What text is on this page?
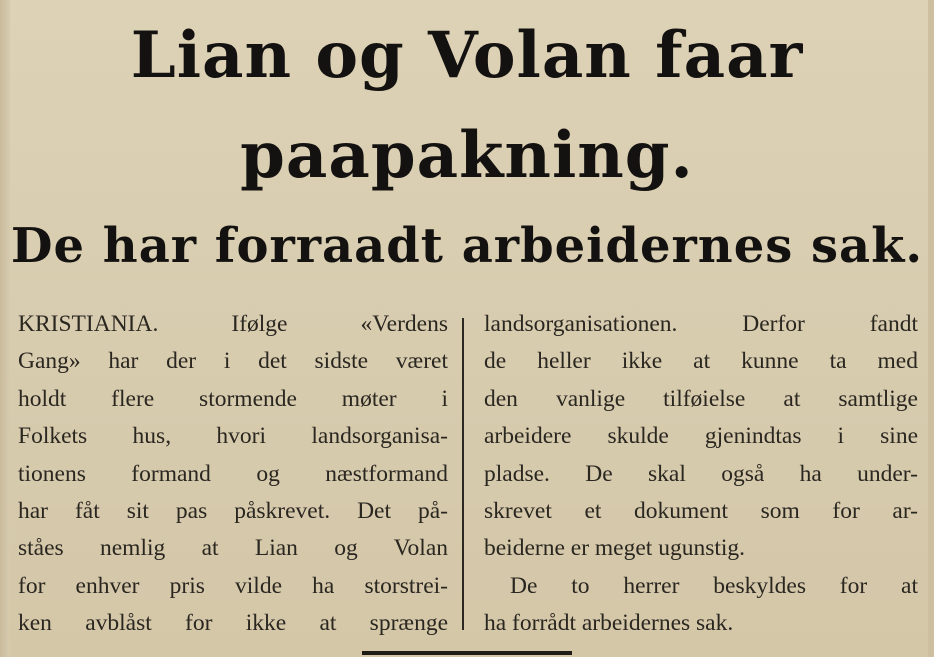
Lian og Volan faar
paapakning.
De har forraadt arbeidernes sak.
KRISTIANIA. Ifølge «Verdens
Gang» har der i det sidste været
holdt flere stormende møter i
Folkets hus, hvori landsorganisa-
tionens formand og næstformand
har fåt sit pas påskrevet. Det på-
ståes nemlig at Lian og Volan
for enhver pris vilde ha storstrei-
ken avblåst for ikke at sprænge
landsorganisationen. Derfor fandt
de heller ikke at kunne ta med
den vanlige tilføielse at samtlige
arbeidere skulde gjenindtas i sine
pladse. De skal også ha under-
skrevet et dokument som for ar-
beiderne er meget ugunstig.
De to herrer beskyldes for at
ha forrådt arbeidernes sak.
